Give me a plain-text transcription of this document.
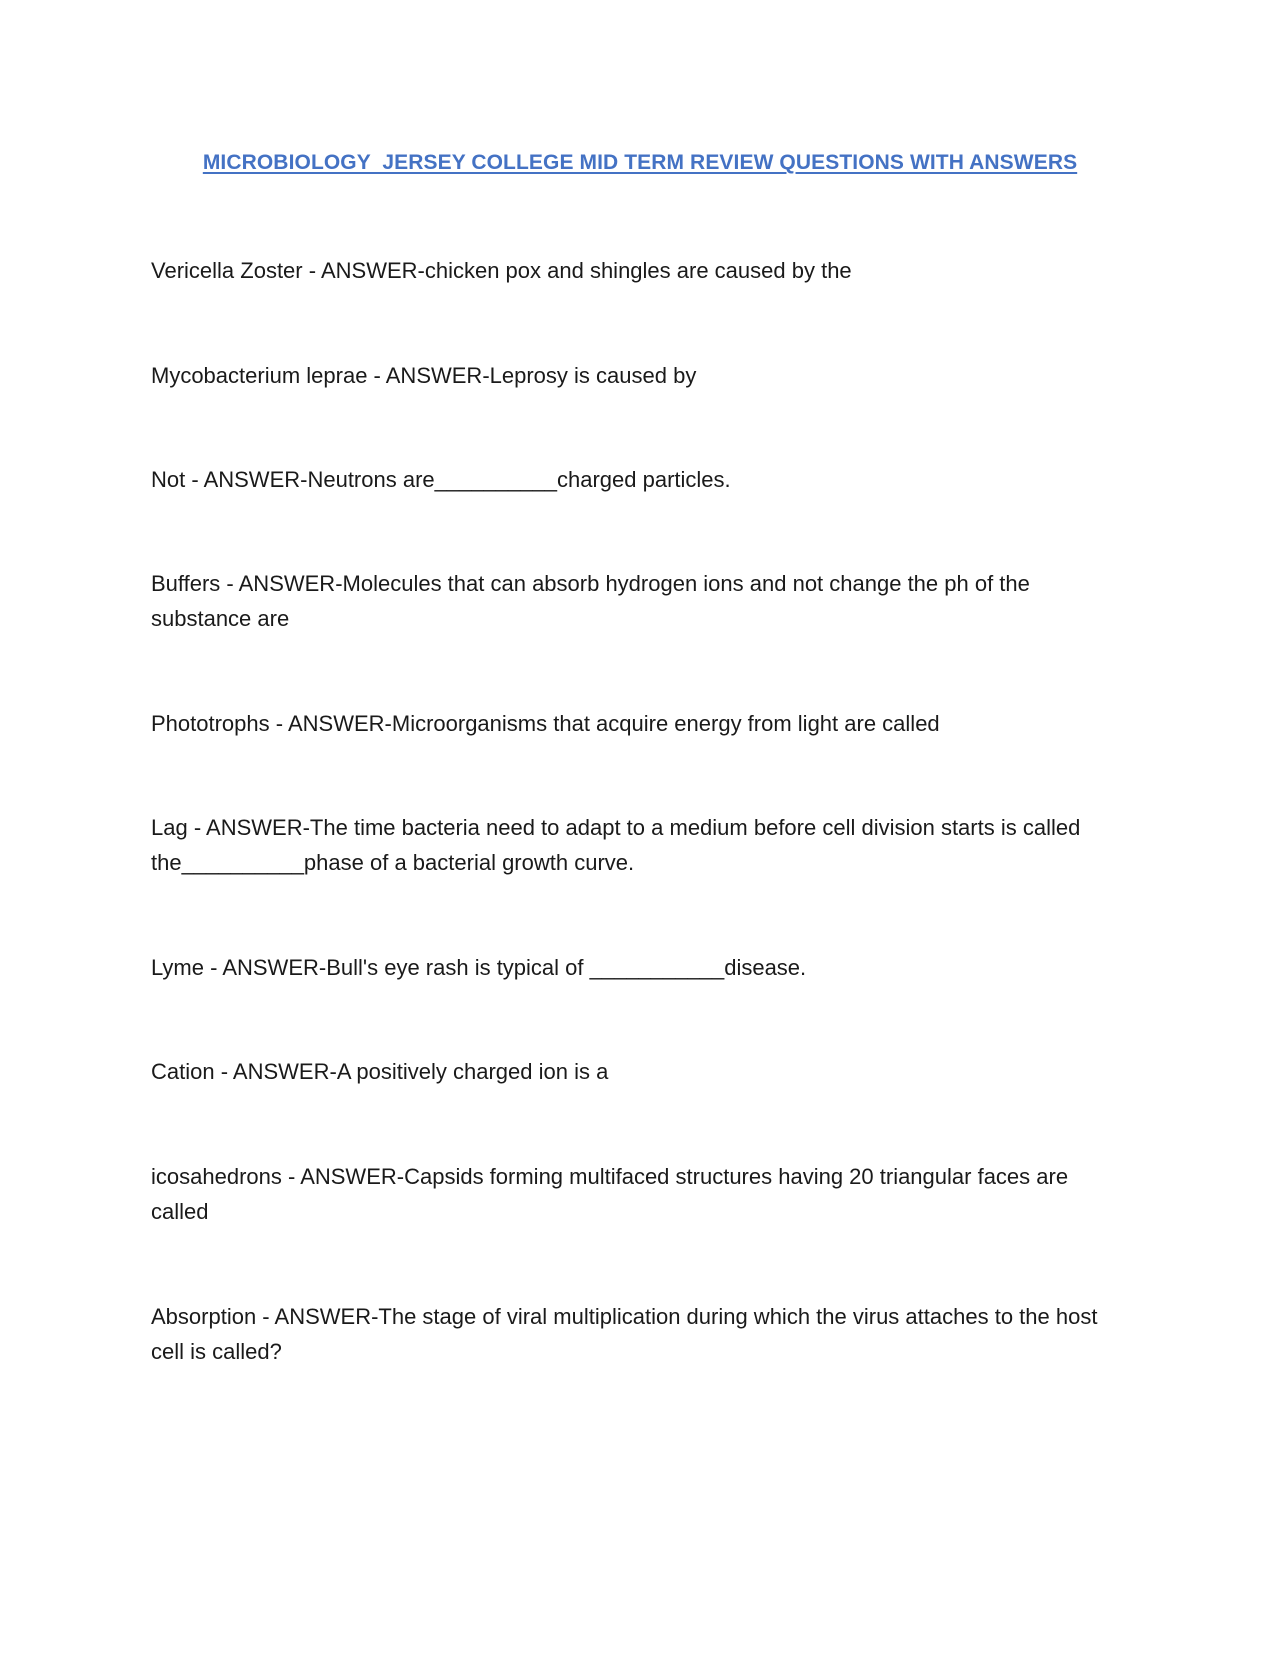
MICROBIOLOGY  JERSEY COLLEGE MID TERM REVIEW QUESTIONS WITH ANSWERS

Vericella Zoster - ANSWER-chicken pox and shingles are caused by the

Mycobacterium leprae - ANSWER-Leprosy is caused by

Not - ANSWER-Neutrons are__________charged particles.

Buffers - ANSWER-Molecules that can absorb hydrogen ions and not change the ph of the substance are

Phototrophs - ANSWER-Microorganisms that acquire energy from light are called

Lag - ANSWER-The time bacteria need to adapt to a medium before cell division starts is called the__________phase of a bacterial growth curve.

Lyme - ANSWER-Bull's eye rash is typical of ___________disease.

Cation - ANSWER-A positively charged ion is a

icosahedrons - ANSWER-Capsids forming multifaced structures having 20 triangular faces are called

Absorption - ANSWER-The stage of viral multiplication during which the virus attaches to the host cell is called?
